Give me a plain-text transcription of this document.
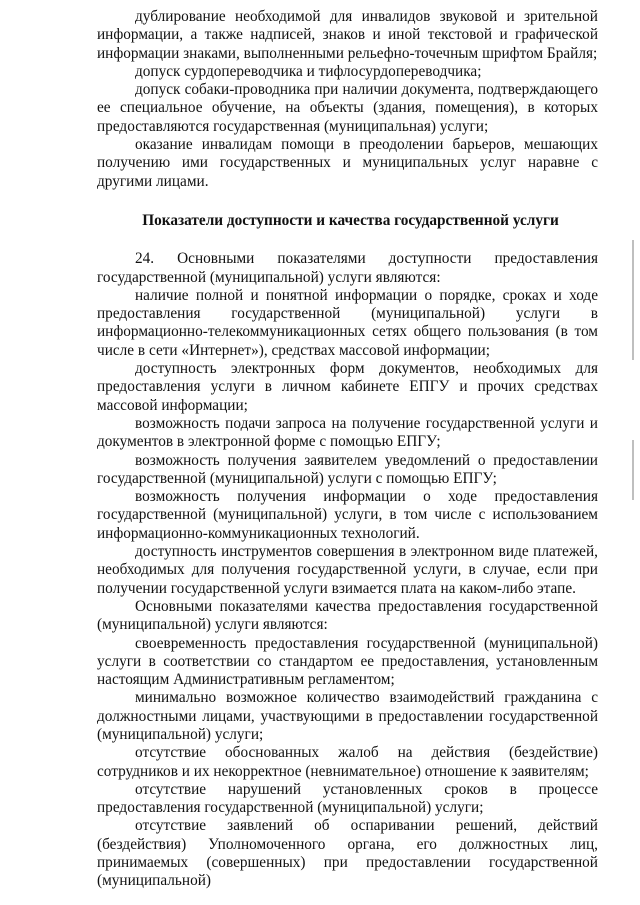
дублирование необходимой для инвалидов звуковой и зрительной информации, а также надписей, знаков и иной текстовой и графической информации знаками, выполненными рельефно-точечным шрифтом Брайля;

допуск сурдопереводчика и тифлосурдопереводчика;

допуск собаки-проводника при наличии документа, подтверждающего ее специальное обучение, на объекты (здания, помещения), в которых предоставляются государственная (муниципальная) услуги;

оказание инвалидам помощи в преодолении барьеров, мешающих получению ими государственных и муниципальных услуг наравне с другими лицами.

Показатели доступности и качества государственной услуги

24. Основными показателями доступности предоставления государственной (муниципальной) услуги являются:

наличие полной и понятной информации о порядке, сроках и ходе предоставления государственной (муниципальной) услуги в информационно-телекоммуникационных сетях общего пользования (в том числе в сети «Интернет»), средствах массовой информации;

доступность электронных форм документов, необходимых для предоставления услуги в личном кабинете ЕПГУ и прочих средствах массовой информации;

возможность подачи запроса на получение государственной услуги и документов в электронной форме с помощью ЕПГУ;

возможность получения заявителем уведомлений о предоставлении государственной (муниципальной) услуги с помощью ЕПГУ;

возможность получения информации о ходе предоставления государственной (муниципальной) услуги, в том числе с использованием информационно-коммуникационных технологий.

доступность инструментов совершения в электронном виде платежей, необходимых для получения государственной услуги, в случае, если при получении государственной услуги взимается плата на каком-либо этапе.

Основными показателями качества предоставления государственной (муниципальной) услуги являются:

своевременность предоставления государственной (муниципальной) услуги в соответствии со стандартом ее предоставления, установленным настоящим Административным регламентом;

минимально возможное количество взаимодействий гражданина с должностными лицами, участвующими в предоставлении государственной (муниципальной) услуги;

отсутствие обоснованных жалоб на действия (бездействие) сотрудников и их некорректное (невнимательное) отношение к заявителям;

отсутствие нарушений установленных сроков в процессе предоставления государственной (муниципальной) услуги;

отсутствие заявлений об оспаривании решений, действий (бездействия) Уполномоченного органа, его должностных лиц, принимаемых (совершенных) при предоставлении государственной (муниципальной)
